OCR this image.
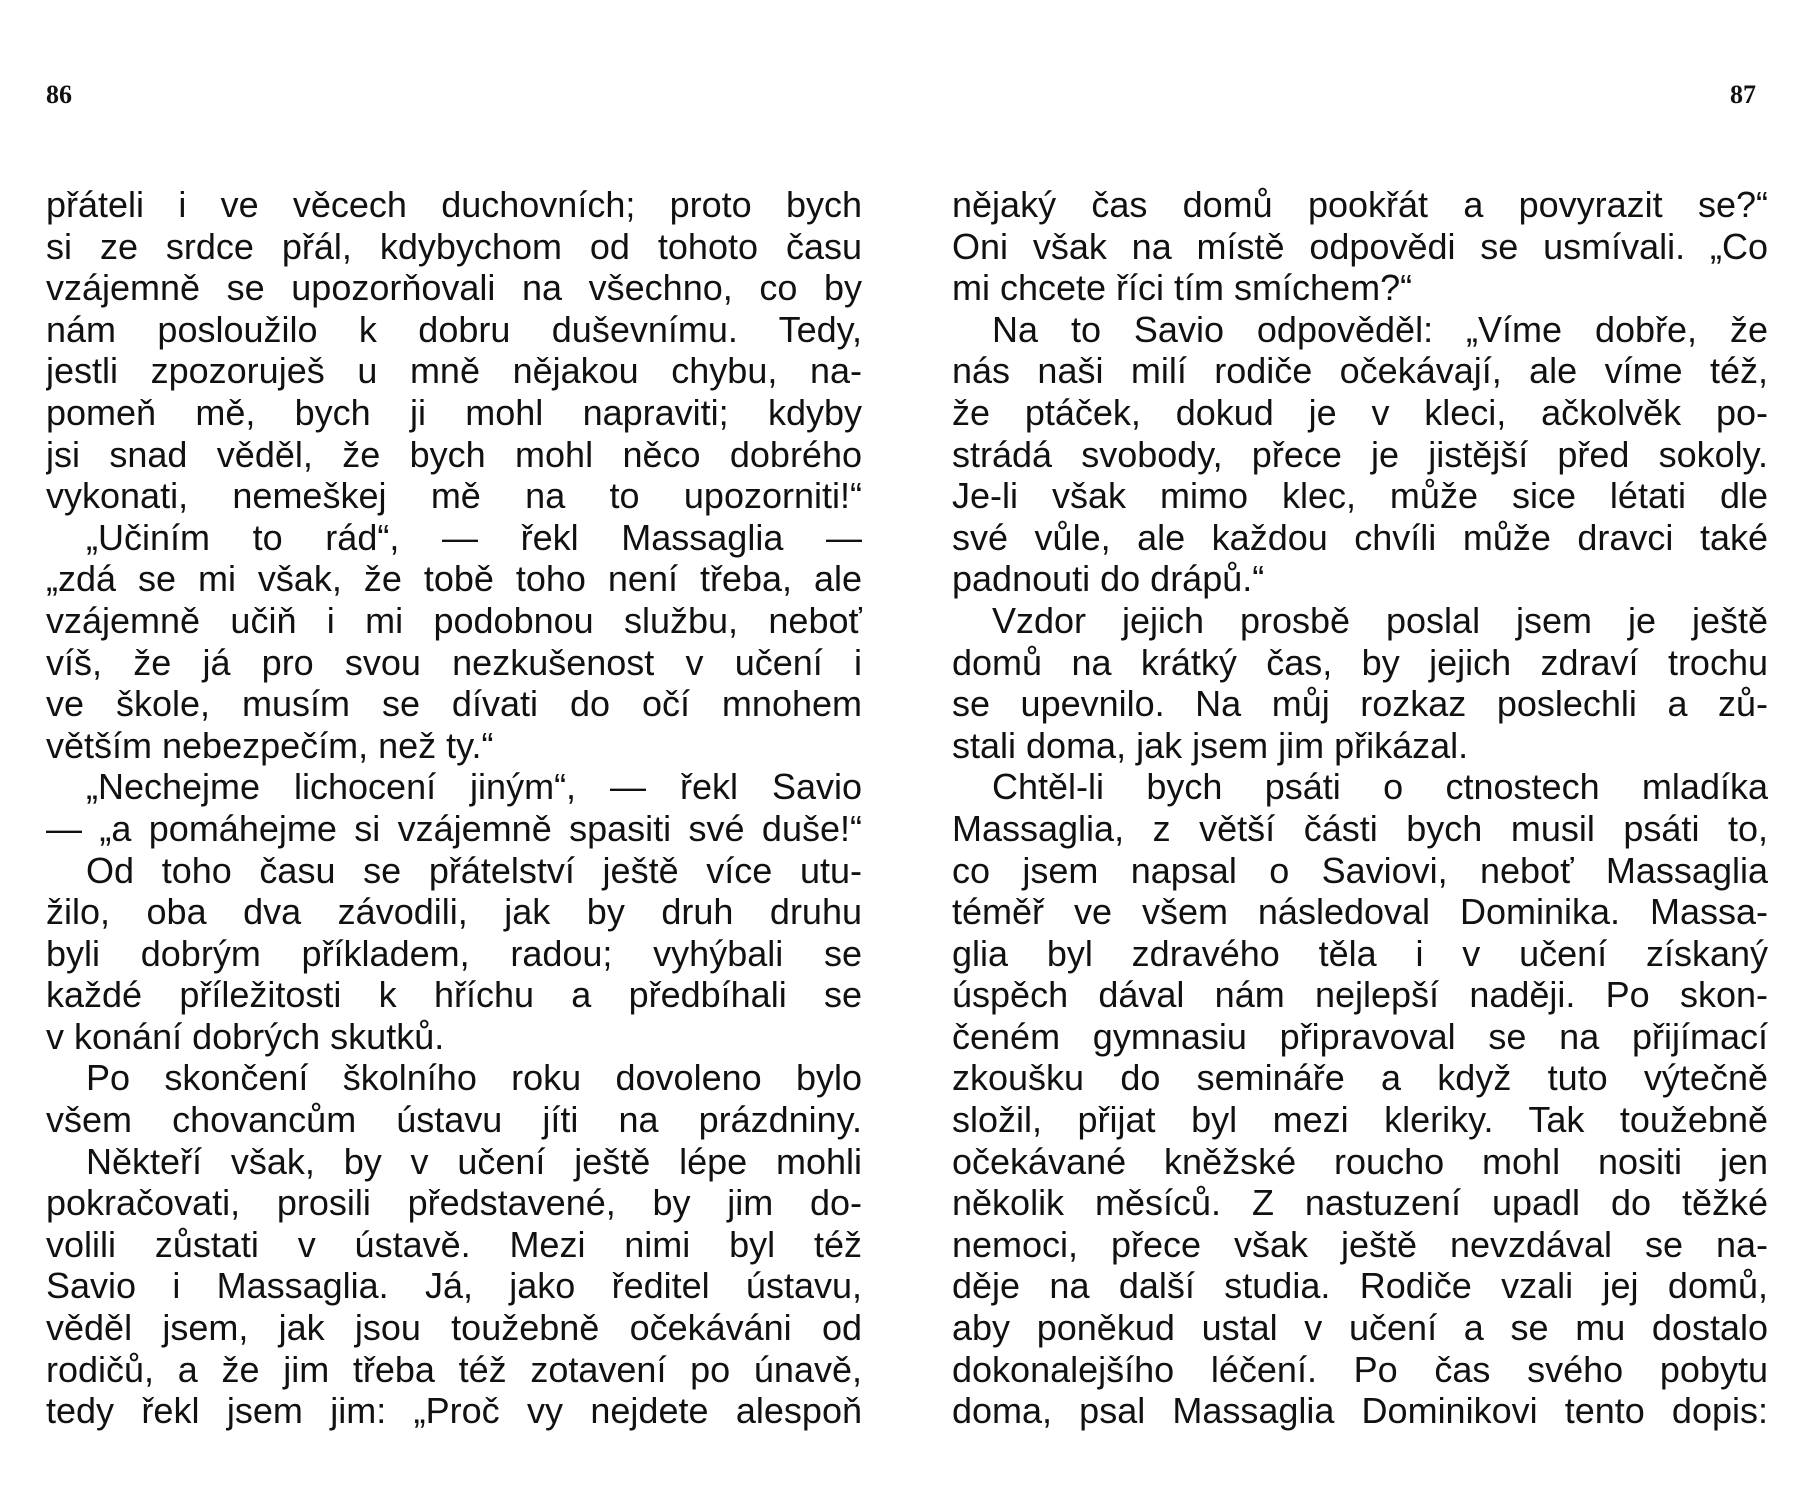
86	87
přáteli i ve věcech duchovních; proto bych
si ze srdce přál, kdybychom od tohoto času
vzájemně se upozorňovali na všechno, co by
nám posloužilo k dobru duševnímu. Tedy,
jestli zpozoruješ u mně nějakou chybu, na-
pomeň mě, bych ji mohl napraviti; kdyby
jsi snad věděl, že bych mohl něco dobrého
vykonati, nemeškej mě na to upozorniti!“
„Učiním to rád“, — řekl Massaglia —
„zdá se mi však, že tobě toho není třeba, ale
vzájemně učiň i mi podobnou službu, neboť
víš, že já pro svou nezkušenost v učení i
ve škole, musím se dívati do očí mnohem
větším nebezpečím, než ty.“
„Nechejme lichocení jiným“, — řekl Savio
— „a pomáhejme si vzájemně spasiti své duše!“
Od toho času se přátelství ještě více utu-
žilo, oba dva závodili, jak by druh druhu
byli dobrým příkladem, radou; vyhýbali se
každé příležitosti k hříchu a předbíhali se
v konání dobrých skutků.
Po skončení školního roku dovoleno bylo
všem chovancům ústavu jíti na prázdniny.
Někteří však, by v učení ještě lépe mohli
pokračovati, prosili představené, by jim do-
volili zůstati v ústavě. Mezi nimi byl též
Savio i Massaglia. Já, jako ředitel ústavu,
věděl jsem, jak jsou toužebně očekáváni od
rodičů, a že jim třeba též zotavení po únavě,
tedy řekl jsem jim: „Proč vy nejdete alespoň
nějaký čas domů pookřát a povyrazit se?“
Oni však na místě odpovědi se usmívali. „Co
mi chcete říci tím smíchem?“
Na to Savio odpověděl: „Víme dobře, že
nás naši milí rodiče očekávají, ale víme též,
že ptáček, dokud je v kleci, ačkolvěk po-
strádá svobody, přece je jistější před sokoly.
Je-li však mimo klec, může sice létati dle
své vůle, ale každou chvíli může dravci také
padnouti do drápů.“
Vzdor jejich prosbě poslal jsem je ještě
domů na krátký čas, by jejich zdraví trochu
se upevnilo. Na můj rozkaz poslechli a zů-
stali doma, jak jsem jim přikázal.
Chtěl-li bych psáti o ctnostech mladíka
Massaglia, z větší části bych musil psáti to,
co jsem napsal o Saviovi, neboť Massaglia
téměř ve všem následoval Dominika. Massa-
glia byl zdravého těla i v učení získaný
úspěch dával nám nejlepší naději. Po skon-
čeném gymnasiu připravoval se na přijímací
zkoušku do semináře a když tuto výtečně
složil, přijat byl mezi kleriky. Tak toužebně
očekávané kněžské roucho mohl nositi jen
několik měsíců. Z nastuzení upadl do těžké
nemoci, přece však ještě nevzdával se na-
děje na další studia. Rodiče vzali jej domů,
aby poněkud ustal v učení a se mu dostalo
dokonalejšího léčení. Po čas svého pobytu
doma, psal Massaglia Dominikovi tento dopis:
